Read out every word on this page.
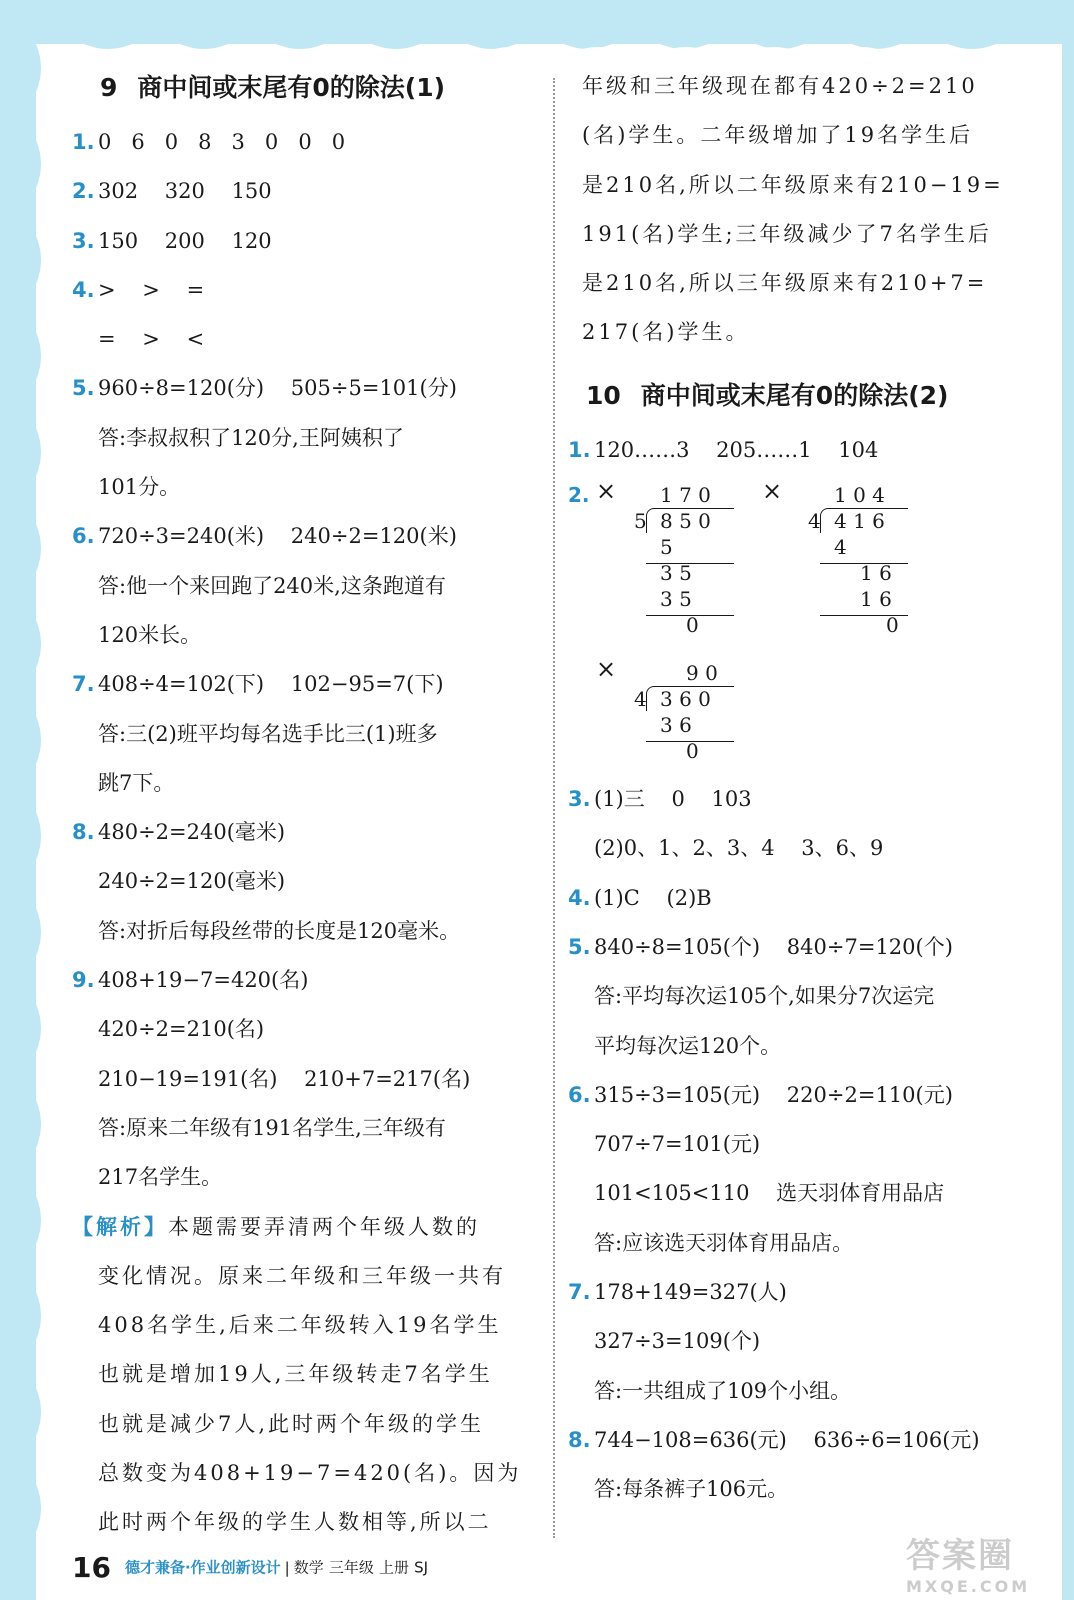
9 商中间或末尾有0的除法(1)
1. 0   6   0   8   3   0   0   0
2. 302    320    150
3. 150    200    120
4. >    >    =
=    >    <
5. 960÷8=120(分)    505÷5=101(分)
答:李叔叔积了120分,王阿姨积了
101分。
6. 720÷3=240(米)    240÷2=120(米)
答:他一个来回跑了240米,这条跑道有
120米长。
7. 408÷4=102(下)    102−95=7(下)
答:三(2)班平均每名选手比三(1)班多
跳7下。
8. 480÷2=240(毫米)
240÷2=120(毫米)
答:对折后每段丝带的长度是120毫米。
9. 408+19−7=420(名)
420÷2=210(名)
210−19=191(名)    210+7=217(名)
答:原来二年级有191名学生,三年级有
217名学生。
【解析】本题需要弄清两个年级人数的
变化情况。原来二年级和三年级一共有
408名学生,后来二年级转入19名学生
也就是增加19人,三年级转走7名学生
也就是减少7人,此时两个年级的学生
总数变为408+19−7=420(名)。因为
此时两个年级的学生人数相等,所以二
年级和三年级现在都有420÷2=210
(名)学生。二年级增加了19名学生后
是210名,所以二年级原来有210−19=
191(名)学生;三年级减少了7名学生后
是210名,所以三年级原来有210+7=
217(名)学生。
10 商中间或末尾有0的除法(2)
1. 120……3    205……1    104
2. × 1 7 0
5 8 5 0
5
3 5
3 5
0
×	1 0 4
4 4 1 6
4
1 6
1 6
0
×	9 0
4 3 6 0
3 6
0
3. (1)三    0    103
(2)0、1、2、3、4    3、6、9
4. (1)C    (2)B
5. 840÷8=105(个)    840÷7=120(个)
答:平均每次运105个,如果分7次运完
平均每次运120个。
6. 315÷3=105(元)    220÷2=110(元)
707÷7=101(元)
101<105<110    选天羽体育用品店
答:应该选天羽体育用品店。
7. 178+149=327(人)
327÷3=109(个)
答:一共组成了109个小组。
8. 744−108=636(元)    636÷6=106(元)
答:每条裤子106元。
16 德才兼备·作业创新设计 | 数学 三年级 上册 SJ	答案圈
MXQE.COM
